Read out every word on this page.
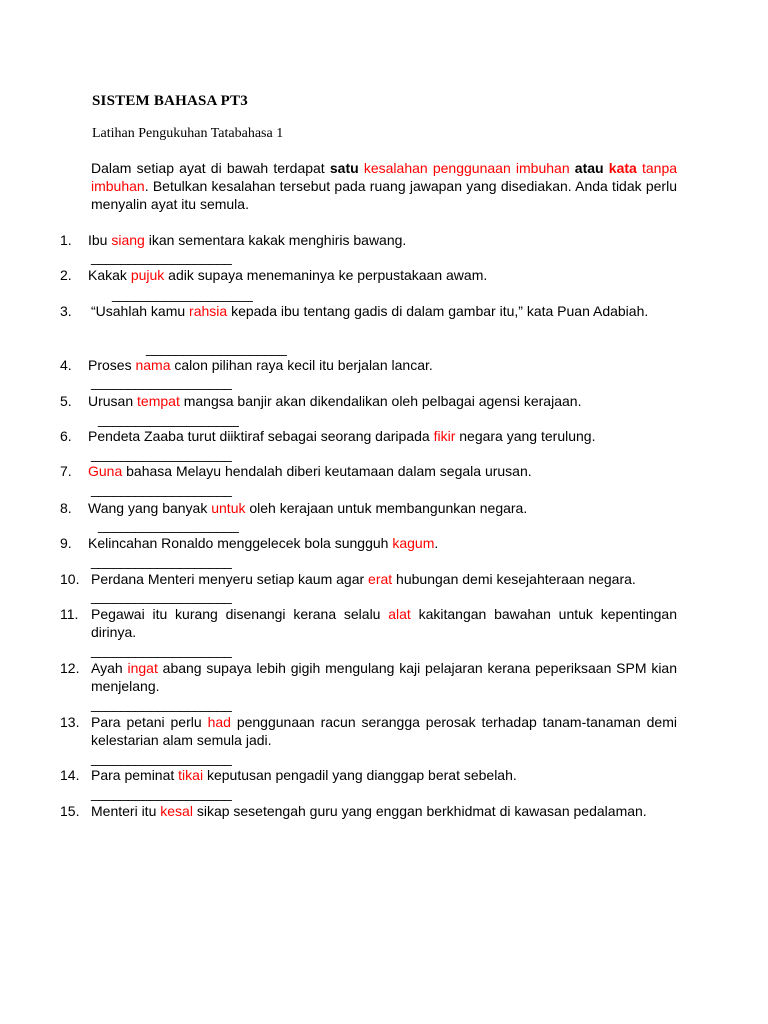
SISTEM BAHASA PT3
Latihan Pengukuhan Tatabahasa 1
Dalam setiap ayat di bawah terdapat satu kesalahan penggunaan imbuhan atau kata tanpa imbuhan. Betulkan kesalahan tersebut pada ruang jawapan yang disediakan. Anda tidak perlu menyalin ayat itu semula.
1.	Ibu siang ikan sementara kakak menghiris bawang.
___________________
2.	Kakak pujuk adik supaya menemaninya ke perpustakaan awam.
___________________
3.	“Usahlah kamu rahsia kepada ibu tentang gadis di dalam gambar itu,” kata Puan Adabiah.
___________________
4.	Proses nama calon pilihan raya kecil itu berjalan lancar.
___________________
5.	Urusan tempat mangsa banjir akan dikendalikan oleh pelbagai agensi kerajaan.
___________________
6.	Pendeta Zaaba turut diiktiraf sebagai seorang daripada fikir negara yang terulung.
___________________
7.	Guna bahasa Melayu hendalah diberi keutamaan dalam segala urusan.
___________________
8.	Wang yang banyak untuk oleh kerajaan untuk membangunkan negara.
___________________
9.	Kelincahan Ronaldo menggelecek bola sungguh kagum.
___________________
10. Perdana Menteri menyeru setiap kaum agar erat hubungan demi kesejahteraan negara.
___________________
11. Pegawai itu kurang disenangi kerana selalu alat kakitangan bawahan untuk kepentingan dirinya.
___________________
12. Ayah ingat abang supaya lebih gigih mengulang kaji pelajaran kerana peperiksaan SPM kian menjelang.
___________________
13. Para petani perlu had penggunaan racun serangga perosak terhadap tanam-tanaman demi kelestarian alam semula jadi.
___________________
14. Para peminat tikai keputusan pengadil yang dianggap berat sebelah.
___________________
15. Menteri itu kesal sikap sesetengah guru yang enggan berkhidmat di kawasan pedalaman.
